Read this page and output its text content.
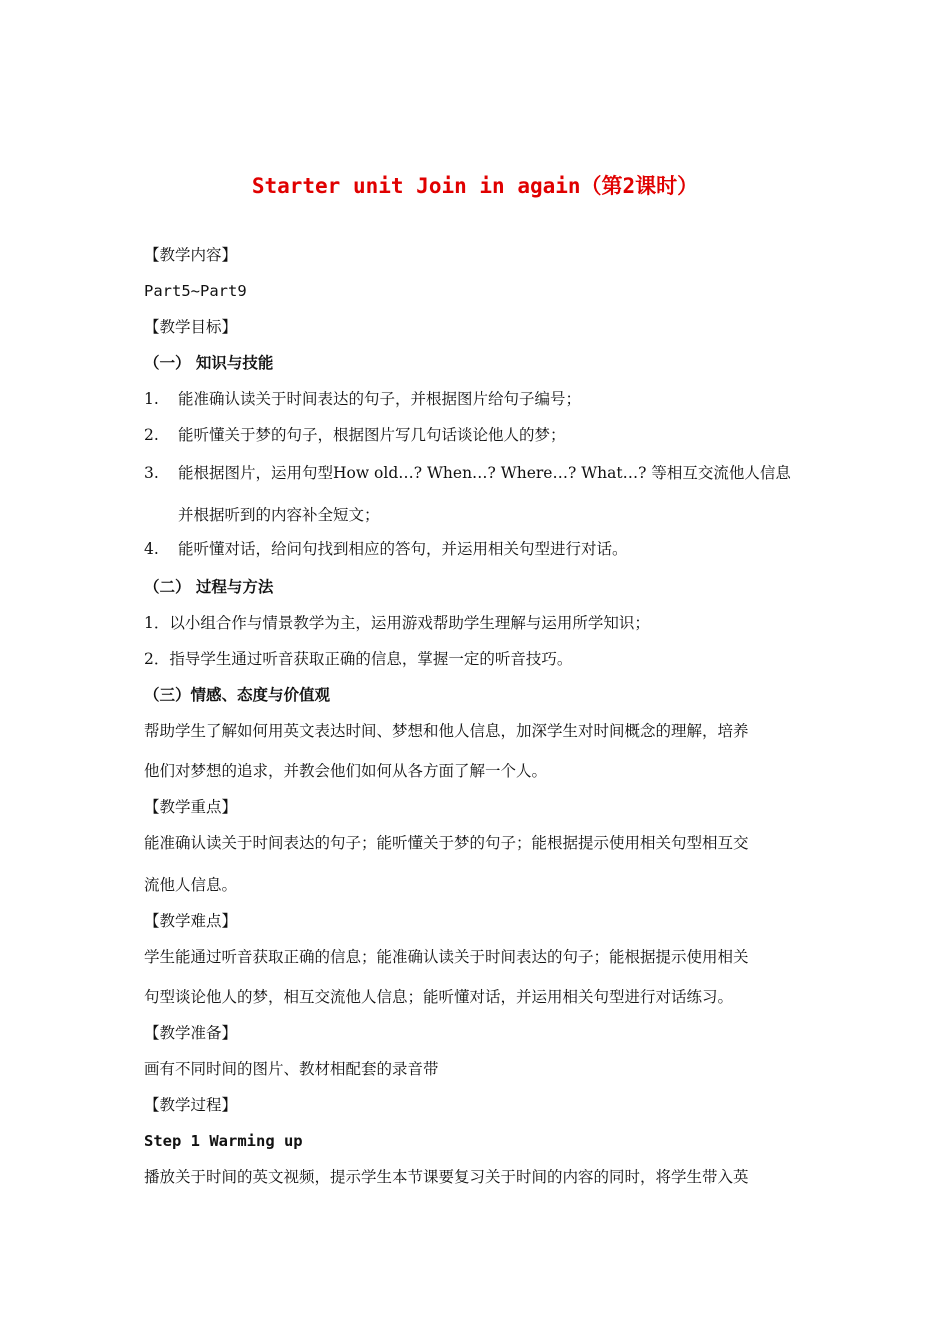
Starter unit Join in again（第2课时）
【教学内容】
Part5~Part9
【教学目标】
（一） 知识与技能
1. 能准确认读关于时间表达的句子，并根据图片给句子编号；
2. 能听懂关于梦的句子，根据图片写几句话谈论他人的梦；
3. 能根据图片，运用句型How old…? When…? Where…? What…? 等相互交流他人信息
并根据听到的内容补全短文；
4. 能听懂对话，给问句找到相应的答句，并运用相关句型进行对话。
（二） 过程与方法
1．以小组合作与情景教学为主，运用游戏帮助学生理解与运用所学知识；
2．指导学生通过听音获取正确的信息，掌握一定的听音技巧。
（三）情感、态度与价值观
帮助学生了解如何用英文表达时间、梦想和他人信息，加深学生对时间概念的理解，培养
他们对梦想的追求，并教会他们如何从各方面了解一个人。
【教学重点】
能准确认读关于时间表达的句子；能听懂关于梦的句子；能根据提示使用相关句型相互交
流他人信息。
【教学难点】
学生能通过听音获取正确的信息；能准确认读关于时间表达的句子；能根据提示使用相关
句型谈论他人的梦，相互交流他人信息；能听懂对话，并运用相关句型进行对话练习。
【教学准备】
画有不同时间的图片、教材相配套的录音带
【教学过程】
Step 1 Warming up
播放关于时间的英文视频，提示学生本节课要复习关于时间的内容的同时，将学生带入英
